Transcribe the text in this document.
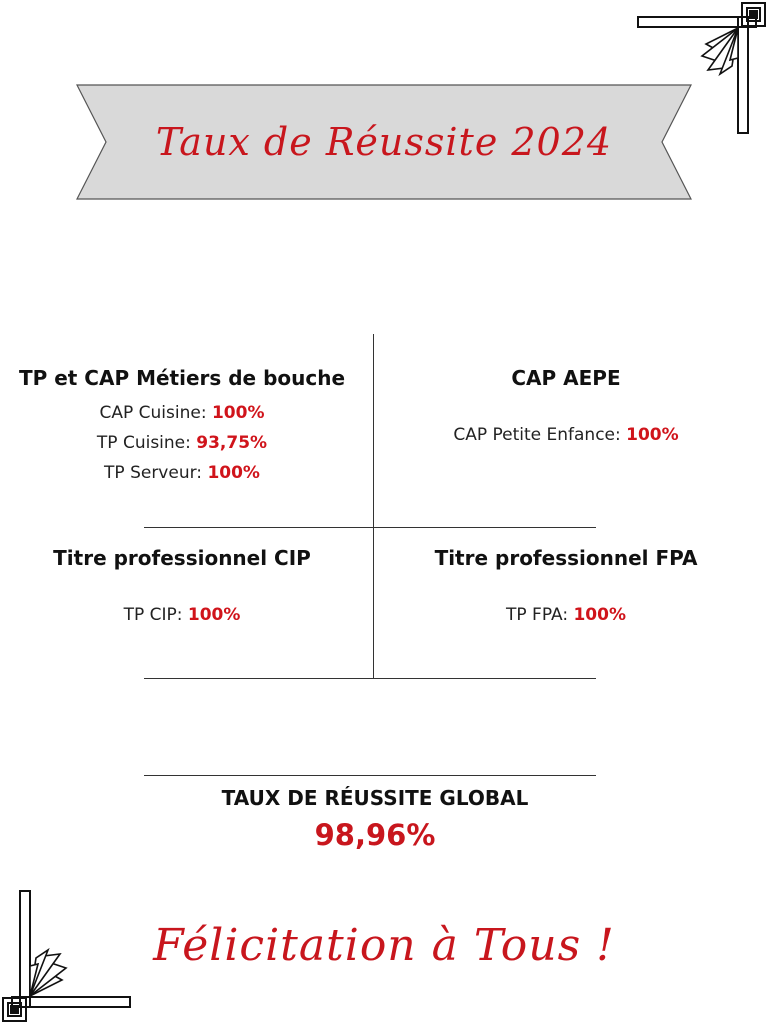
Taux de Réussite 2024
TP et CAP Métiers de bouche
CAP Cuisine: 100%
TP Cuisine: 93,75%
TP Serveur: 100%
CAP AEPE
CAP Petite Enfance: 100%
Titre professionnel CIP
TP CIP: 100%
Titre professionnel FPA
TP FPA: 100%
TAUX DE RÉUSSITE GLOBAL
98,96%
Félicitation à Tous !
